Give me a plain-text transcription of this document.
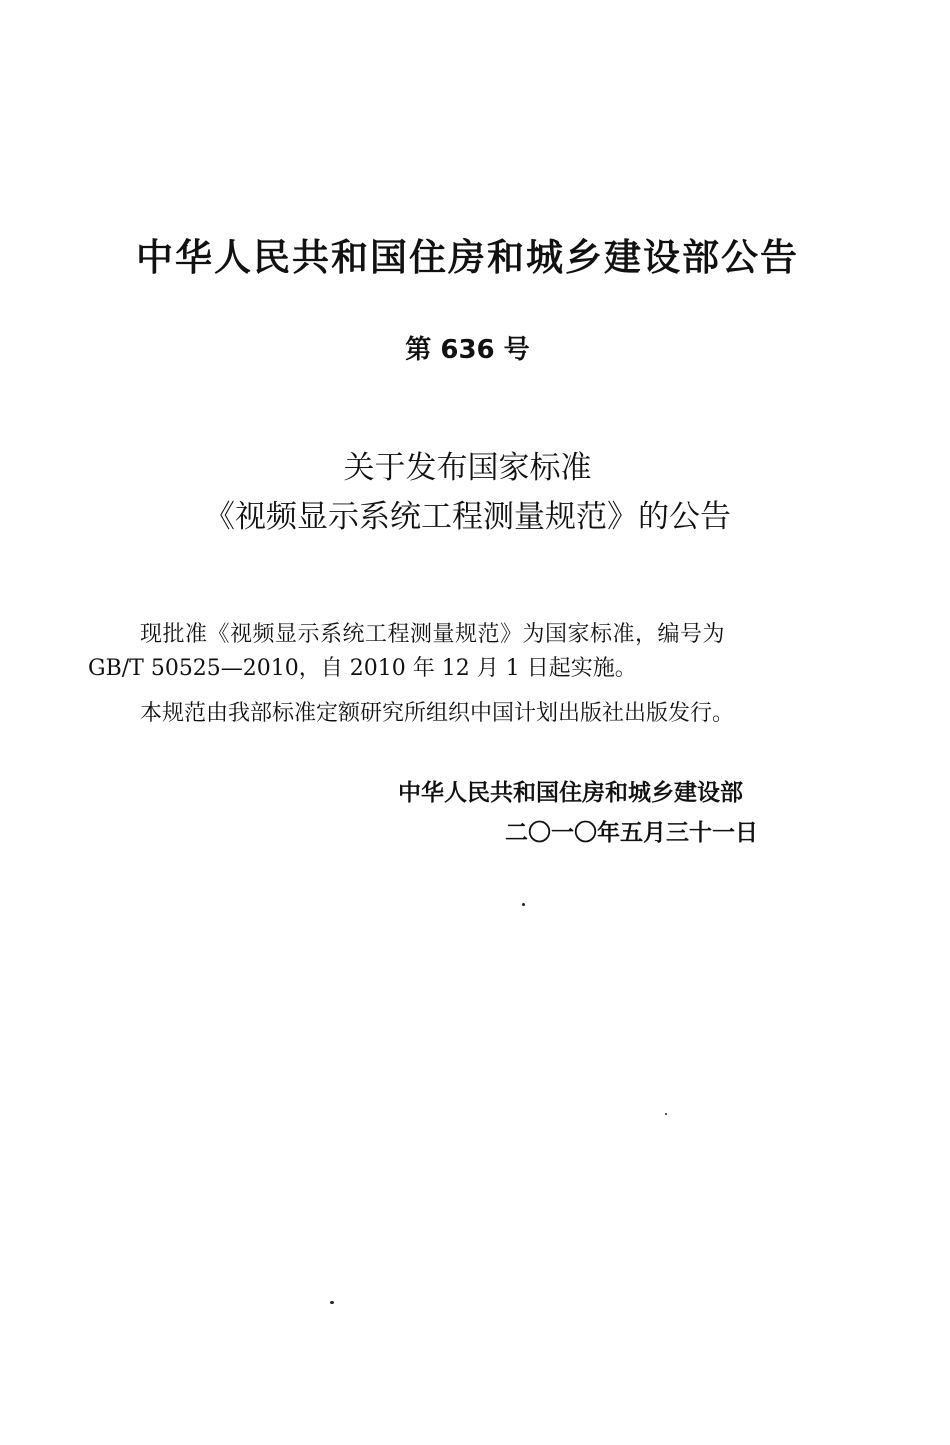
中华人民共和国住房和城乡建设部公告
第 636 号
关于发布国家标准
《视频显示系统工程测量规范》的公告
现批准《视频显示系统工程测量规范》为国家标准，编号为
GB/T 50525—2010，自 2010 年 12 月 1 日起实施。
本规范由我部标准定额研究所组织中国计划出版社出版发行。
中华人民共和国住房和城乡建设部
二〇一〇年五月三十一日
